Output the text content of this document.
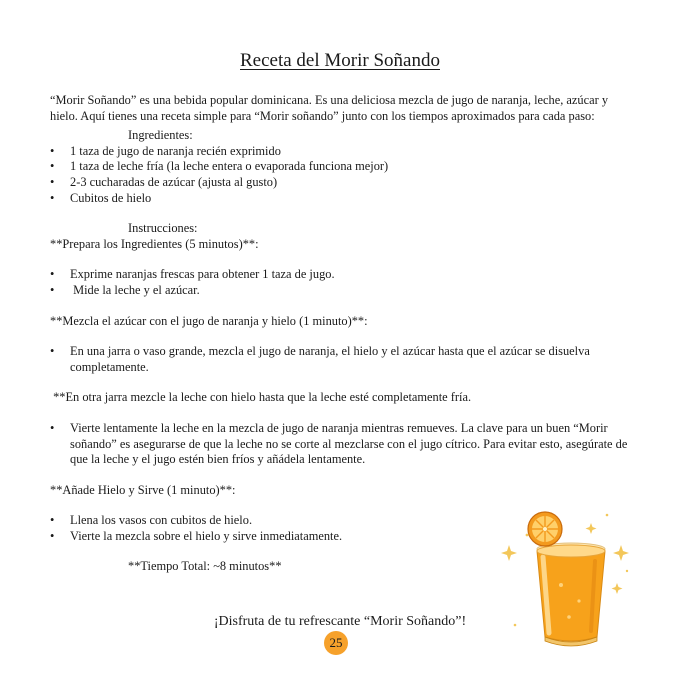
Receta del Morir Soñando

“Morir Soñando” es una bebida popular dominicana. Es una deliciosa mezcla de jugo de naranja, leche, azúcar y hielo. Aquí tienes una receta simple para “Morir soñando” junto con los tiempos aproximados para cada paso:

Ingredientes:
• 1 taza de jugo de naranja recién exprimido
• 1 taza de leche fría (la leche entera o evaporada funciona mejor)
• 2-3 cucharadas de azúcar (ajusta al gusto)
• Cubitos de hielo
Instrucciones:

**Prepara los Ingredientes (5 minutos)**:

• Exprime naranjas frescas para obtener 1 taza de jugo.
• Mide la leche y el azúcar.

**Mezcla el azúcar con el jugo de naranja y hielo (1 minuto)**:

• En una jarra o vaso grande, mezcla el jugo de naranja, el hielo y el azúcar hasta que el azúcar se disuelva completamente.

**En otra jarra mezcle la leche con hielo hasta que la leche esté completamente fría.

• Vierte lentamente la leche en la mezcla de jugo de naranja mientras remueves. La clave para un buen “Morir soñando” es asegurarse de que la leche no se corte al mezclarse con el jugo cítrico. Para evitar esto, asegúrate de que la leche y el jugo estén bien fríos y añádela lentamente.

**Añade Hielo y Sirve (1 minuto)**:

• Llena los vasos con cubitos de hielo.
• Vierte la mezcla sobre el hielo y sirve inmediatamente.

**Tiempo Total: ~8 minutos**

¡Disfruta de tu refrescante “Morir Soñando”!
25
